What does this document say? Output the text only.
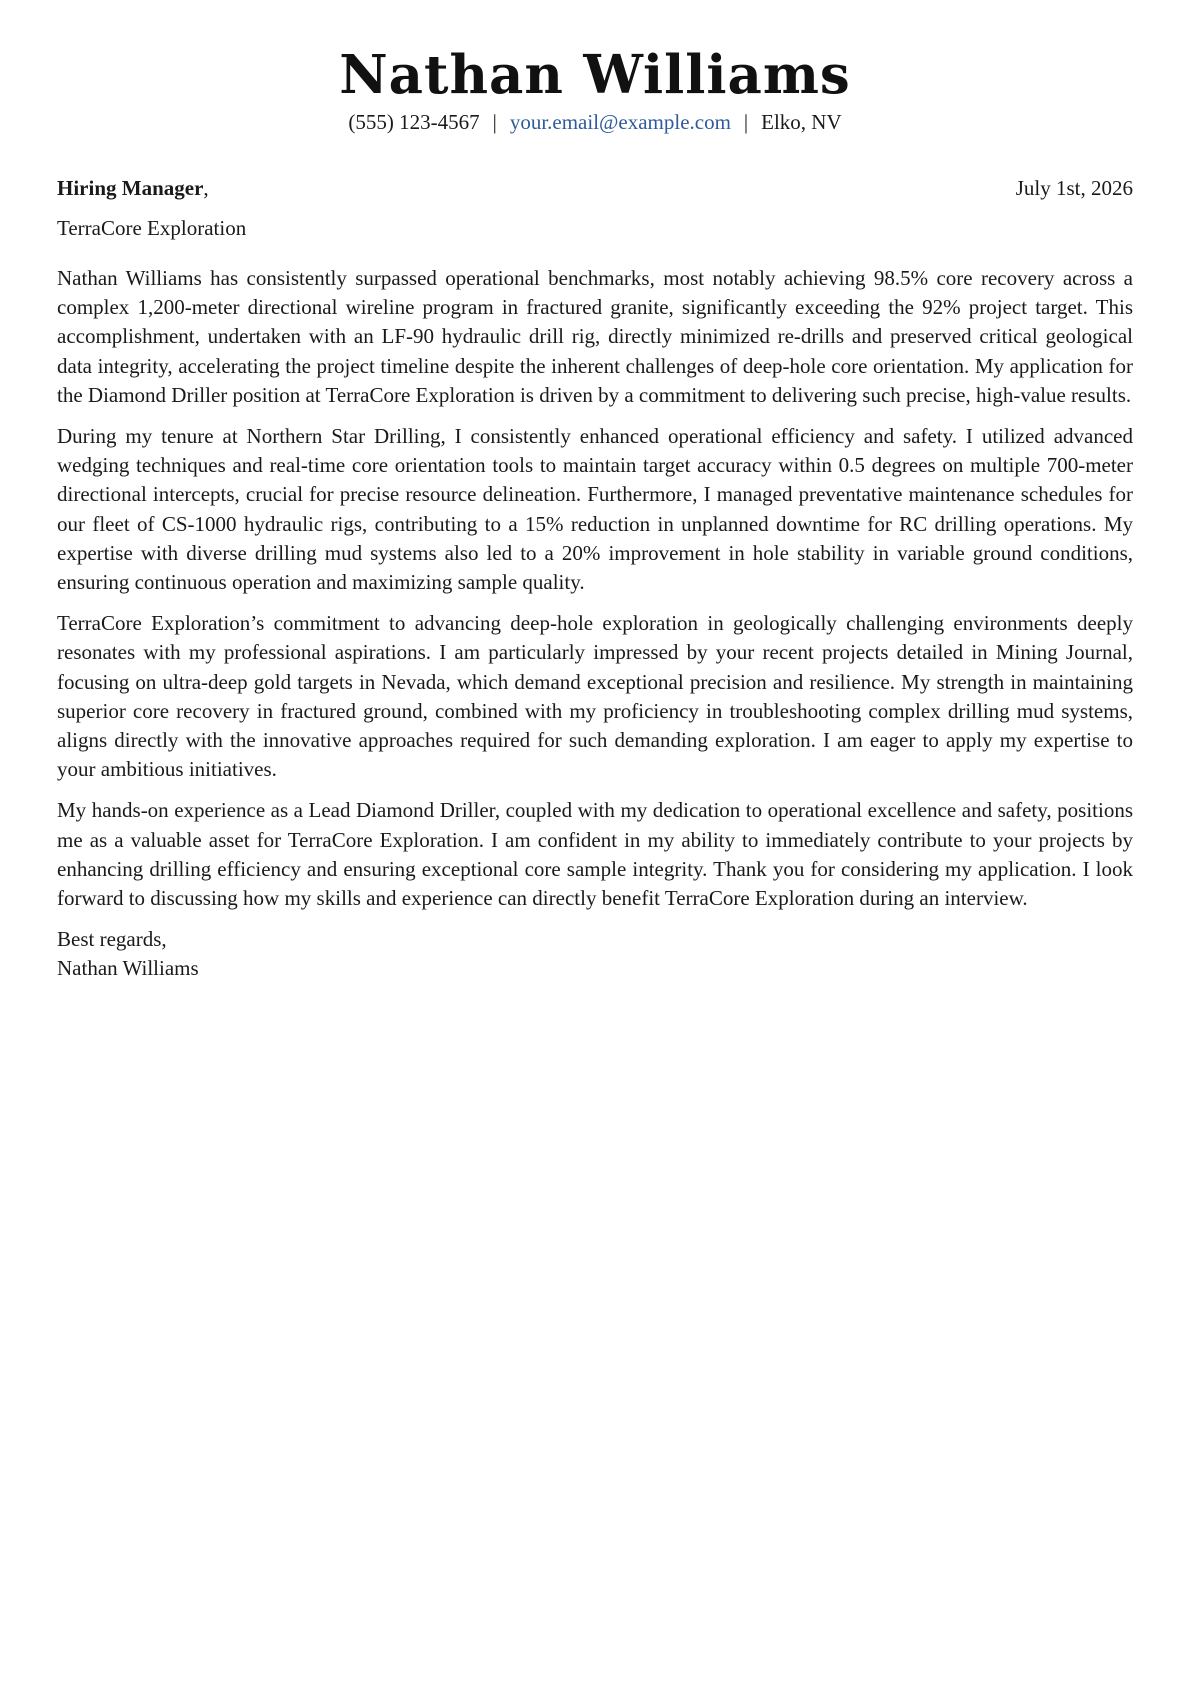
Nathan Williams
(555) 123-4567 | your.email@example.com | Elko, NV
Hiring Manager,	July 1st, 2026
TerraCore Exploration

Nathan Williams has consistently surpassed operational benchmarks, most notably achieving 98.5% core recovery across a complex 1,200-meter directional wireline program in fractured granite, significantly exceeding the 92% project target. This accomplishment, undertaken with an LF-90 hydraulic drill rig, directly minimized re-drills and preserved critical geological data integrity, accelerating the project timeline despite the inherent challenges of deep-hole core orientation. My application for the Diamond Driller position at TerraCore Exploration is driven by a commitment to delivering such precise, high-value results.

During my tenure at Northern Star Drilling, I consistently enhanced operational efficiency and safety. I utilized advanced wedging techniques and real-time core orientation tools to maintain target accuracy within 0.5 degrees on multiple 700-meter directional intercepts, crucial for precise resource delineation. Furthermore, I managed preventative maintenance schedules for our fleet of CS-1000 hydraulic rigs, contributing to a 15% reduction in unplanned downtime for RC drilling operations. My expertise with diverse drilling mud systems also led to a 20% improvement in hole stability in variable ground conditions, ensuring continuous operation and maximizing sample quality.

TerraCore Exploration’s commitment to advancing deep-hole exploration in geologically challenging environments deeply resonates with my professional aspirations. I am particularly impressed by your recent projects detailed in Mining Journal, focusing on ultra-deep gold targets in Nevada, which demand exceptional precision and resilience. My strength in maintaining superior core recovery in fractured ground, combined with my proficiency in troubleshooting complex drilling mud systems, aligns directly with the innovative approaches required for such demanding exploration. I am eager to apply my expertise to your ambitious initiatives.

My hands-on experience as a Lead Diamond Driller, coupled with my dedication to operational excellence and safety, positions me as a valuable asset for TerraCore Exploration. I am confident in my ability to immediately contribute to your projects by enhancing drilling efficiency and ensuring exceptional core sample integrity. Thank you for considering my application. I look forward to discussing how my skills and experience can directly benefit TerraCore Exploration during an interview.

Best regards,
Nathan Williams
